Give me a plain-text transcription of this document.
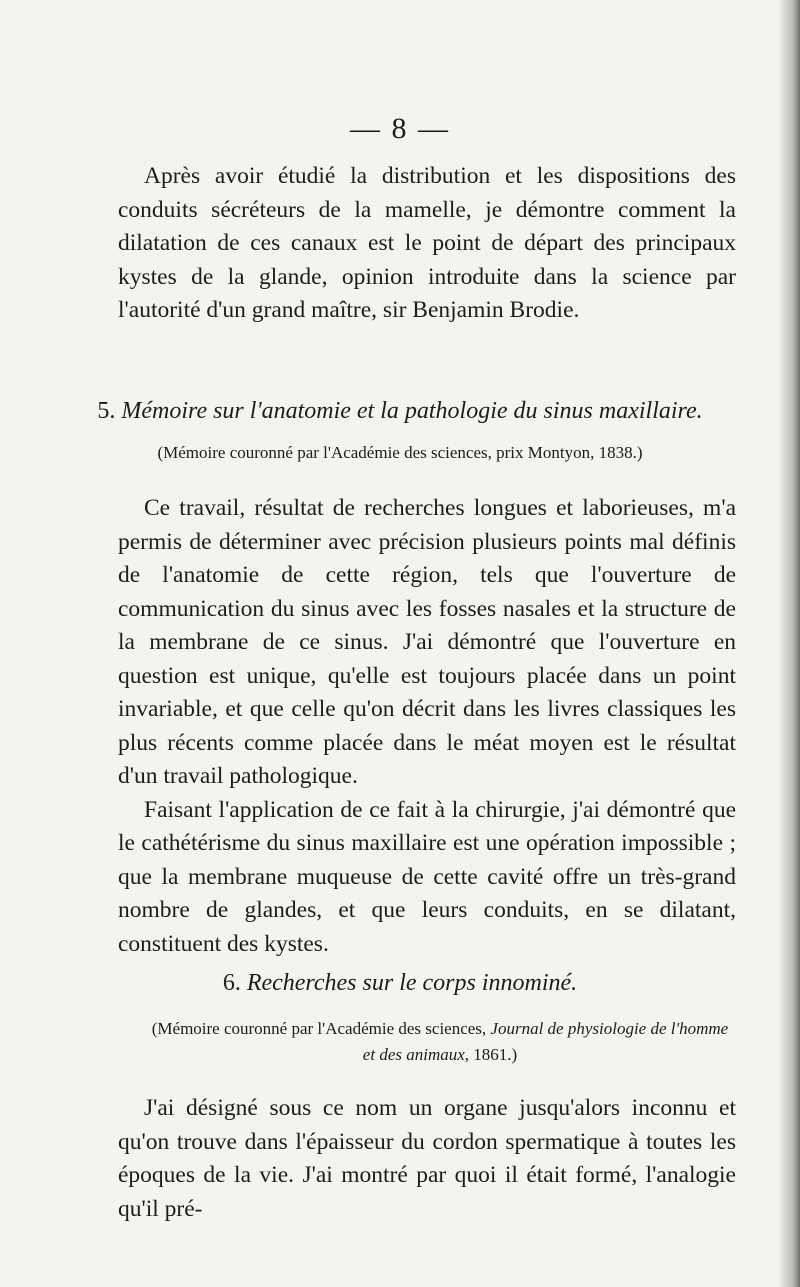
— 8 —

Après avoir étudié la distribution et les dispositions des conduits sécréteurs de la mamelle, je démontre comment la dilatation de ces canaux est le point de départ des principaux kystes de la glande, opinion introduite dans la science par l'autorité d'un grand maître, sir Benjamin Brodie.

5. Mémoire sur l'anatomie et la pathologie du sinus maxillaire.
(Mémoire couronné par l'Académie des sciences, prix Montyon, 1838.)

Ce travail, résultat de recherches longues et laborieuses, m'a permis de déterminer avec précision plusieurs points mal définis de l'anatomie de cette région, tels que l'ouverture de communication du sinus avec les fosses nasales et la structure de la membrane de ce sinus. J'ai démontré que l'ouverture en question est unique, qu'elle est toujours placée dans un point invariable, et que celle qu'on décrit dans les livres classiques les plus récents comme placée dans le méat moyen est le résultat d'un travail pathologique.

Faisant l'application de ce fait à la chirurgie, j'ai démontré que le cathétérisme du sinus maxillaire est une opération impossible ; que la membrane muqueuse de cette cavité offre un très-grand nombre de glandes, et que leurs conduits, en se dilatant, constituent des kystes.

6. Recherches sur le corps innominé.
(Mémoire couronné par l'Académie des sciences, Journal de physiologie de l'homme et des animaux, 1861.)

J'ai désigné sous ce nom un organe jusqu'alors inconnu et qu'on trouve dans l'épaisseur du cordon spermatique à toutes les époques de la vie. J'ai montré par quoi il était formé, l'analogie qu'il pré-
